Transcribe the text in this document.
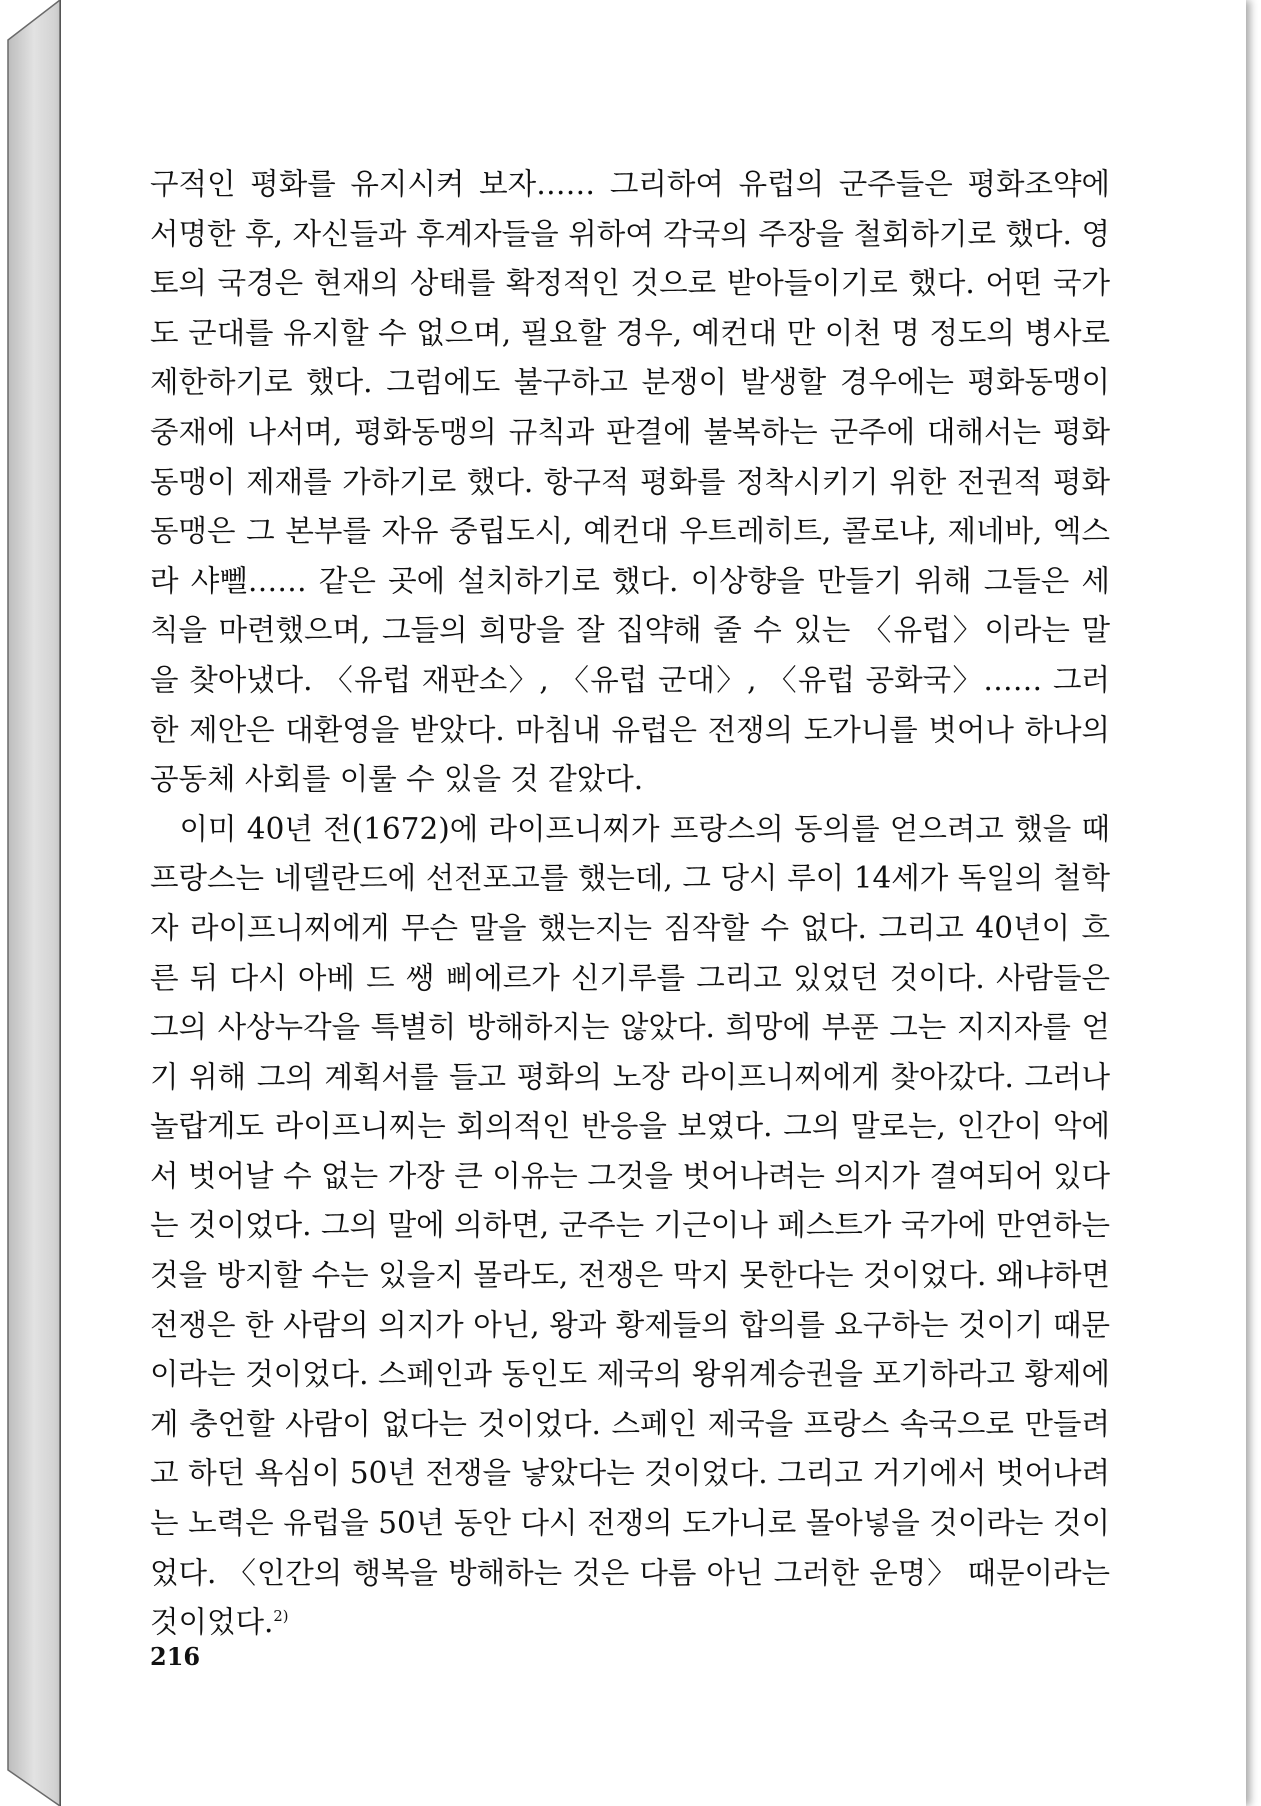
구적인 평화를 유지시켜 보자…… 그리하여 유럽의 군주들은 평화조약에 서명한 후, 자신들과 후계자들을 위하여 각국의 주장을 철회하기로 했다. 영토의 국경은 현재의 상태를 확정적인 것으로 받아들이기로 했다. 어떤 국가도 군대를 유지할 수 없으며, 필요할 경우, 예컨대 만 이천 명 정도의 병사로 제한하기로 했다. 그럼에도 불구하고 분쟁이 발생할 경우에는 평화동맹이 중재에 나서며, 평화동맹의 규칙과 판결에 불복하는 군주에 대해서는 평화동맹이 제재를 가하기로 했다. 항구적 평화를 정착시키기 위한 전권적 평화동맹은 그 본부를 자유 중립도시, 예컨대 우트레히트, 콜로냐, 제네바, 엑스 라 샤뻴…… 같은 곳에 설치하기로 했다. 이상향을 만들기 위해 그들은 세칙을 마련했으며, 그들의 희망을 잘 집약해 줄 수 있는 〈유럽〉이라는 말을 찾아냈다. 〈유럽 재판소〉, 〈유럽 군대〉, 〈유럽 공화국〉…… 그러한 제안은 대환영을 받았다. 마침내 유럽은 전쟁의 도가니를 벗어나 하나의 공동체 사회를 이룰 수 있을 것 같았다.

이미 40년 전(1672)에 라이프니찌가 프랑스의 동의를 얻으려고 했을 때 프랑스는 네델란드에 선전포고를 했는데, 그 당시 루이 14세가 독일의 철학자 라이프니찌에게 무슨 말을 했는지는 짐작할 수 없다. 그리고 40년이 흐른 뒤 다시 아베 드 쌩 삐에르가 신기루를 그리고 있었던 것이다. 사람들은 그의 사상누각을 특별히 방해하지는 않았다. 희망에 부푼 그는 지지자를 얻기 위해 그의 계획서를 들고 평화의 노장 라이프니찌에게 찾아갔다. 그러나 놀랍게도 라이프니찌는 회의적인 반응을 보였다. 그의 말로는, 인간이 악에서 벗어날 수 없는 가장 큰 이유는 그것을 벗어나려는 의지가 결여되어 있다는 것이었다. 그의 말에 의하면, 군주는 기근이나 페스트가 국가에 만연하는 것을 방지할 수는 있을지 몰라도, 전쟁은 막지 못한다는 것이었다. 왜냐하면 전쟁은 한 사람의 의지가 아닌, 왕과 황제들의 합의를 요구하는 것이기 때문이라는 것이었다. 스페인과 동인도 제국의 왕위계승권을 포기하라고 황제에게 충언할 사람이 없다는 것이었다. 스페인 제국을 프랑스 속국으로 만들려고 하던 욕심이 50년 전쟁을 낳았다는 것이었다. 그리고 거기에서 벗어나려는 노력은 유럽을 50년 동안 다시 전쟁의 도가니로 몰아넣을 것이라는 것이었다. 〈인간의 행복을 방해하는 것은 다름 아닌 그러한 운명〉 때문이라는 것이었다.$^{2)}$

216
